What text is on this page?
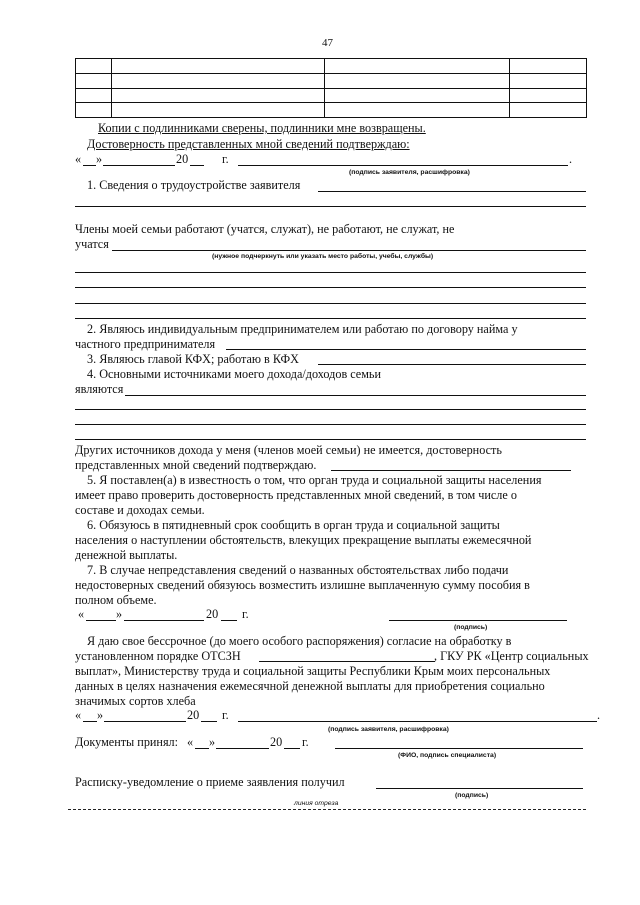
47

Копии с подлинниками сверены, подлинники мне возвращены.
Достоверность представленных мной сведений подтверждаю:
« »	20	г.	.
(подпись заявителя, расшифровка)
1. Сведения о трудоустройстве заявителя
Члены моей семьи работают (учатся, служат), не работают, не служат, не
учатся
(нужное подчеркнуть или указать место работы, учебы, службы)
2. Являюсь индивидуальным предпринимателем или работаю по договору найма у
частного предпринимателя
3. Являюсь главой КФХ; работаю в КФХ
4. Основными источниками моего дохода/доходов семьи
являются
Других источников дохода у меня (членов моей семьи) не имеется, достоверность
представленных мной сведений подтверждаю.
5. Я поставлен(а) в известность о том, что орган труда и социальной защиты населения
имеет право проверить достоверность представленных мной сведений, в том числе о
составе и доходах семьи.
6. Обязуюсь в пятидневный срок сообщить в орган труда и социальной защиты
населения о наступлении обстоятельств, влекущих прекращение выплаты ежемесячной
денежной выплаты.
7. В случае непредставления сведений о названных обстоятельствах либо подачи
недостоверных сведений обязуюсь возместить излишне выплаченную сумму пособия в
полном объеме.
«	»	20 г.
(подпись)
Я даю свое бессрочное (до моего особого распоряжения) согласие на обработку в
установленном порядке ОТСЗН	, ГКУ РК «Центр социальных
выплат», Министерству труда и социальной защиты Республики Крым моих персональных
данных в целях назначения ежемесячной денежной выплаты для приобретения социально
значимых сортов хлеба
« »	20 г.	.
(подпись заявителя, расшифровка)
Документы принял: « »	20 г.
(ФИО, подпись специалиста)
Расписку-уведомление о приеме заявления получил
(подпись)
линия отреза
